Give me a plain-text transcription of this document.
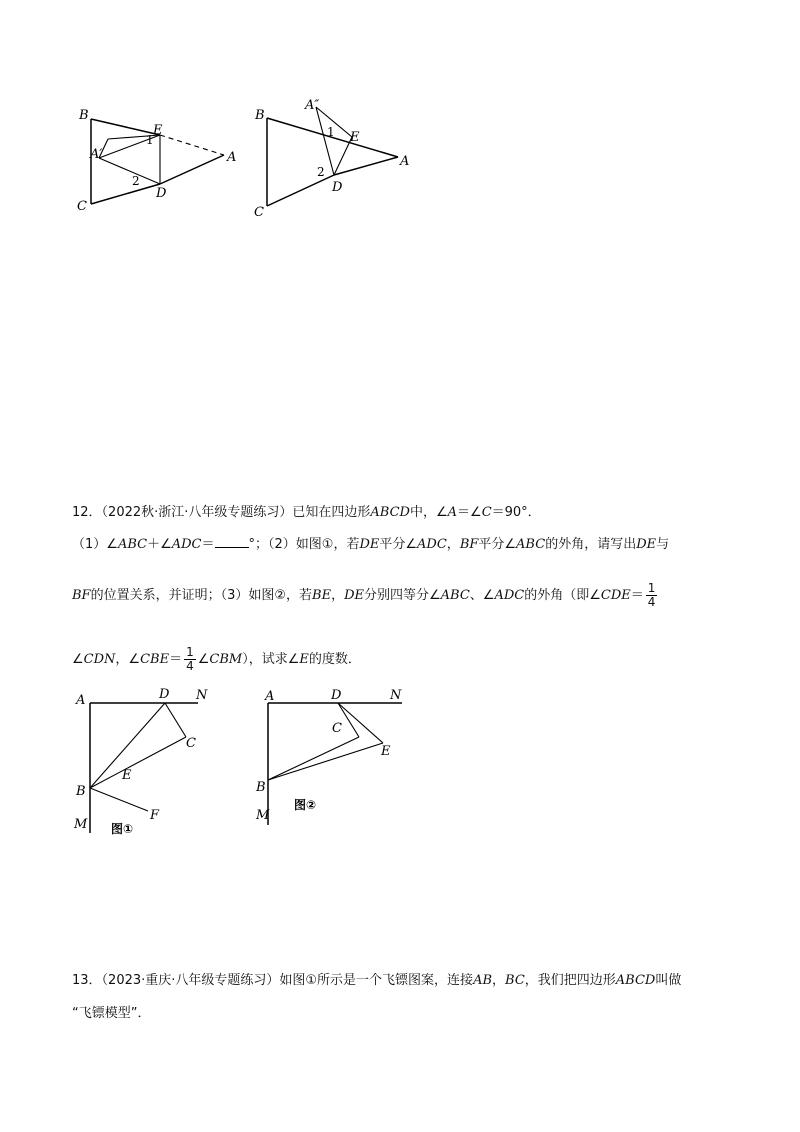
B
C
A
A′
E
D
1
2
B
C
A
A″
E
D
1
2
12．（2022秋·浙江·八年级专题练习）已知在四边形ABCD中，∠A＝∠C＝90°．
（1）∠ABC＋∠ADC＝	°；（2）如图①，若DE平分∠ADC，BF平分∠ABC的外角，请写出DE与
BF的位置关系，并证明；（3）如图②，若BE，DE分别四等分∠ABC、∠ADC的外角（即∠CDE＝ $\frac{1}{4}$
∠CDN，∠CBE＝ $\frac{1}{4}$ ∠CBM），试求∠E的度数．
A	D N
C
E
B
F
M 图①
A	D	N
C
E
B
M
图②
13．（2023·重庆·八年级专题练习）如图①所示是一个飞镖图案，连接AB，BC，我们把四边形ABCD叫做
“飞镖模型”．
